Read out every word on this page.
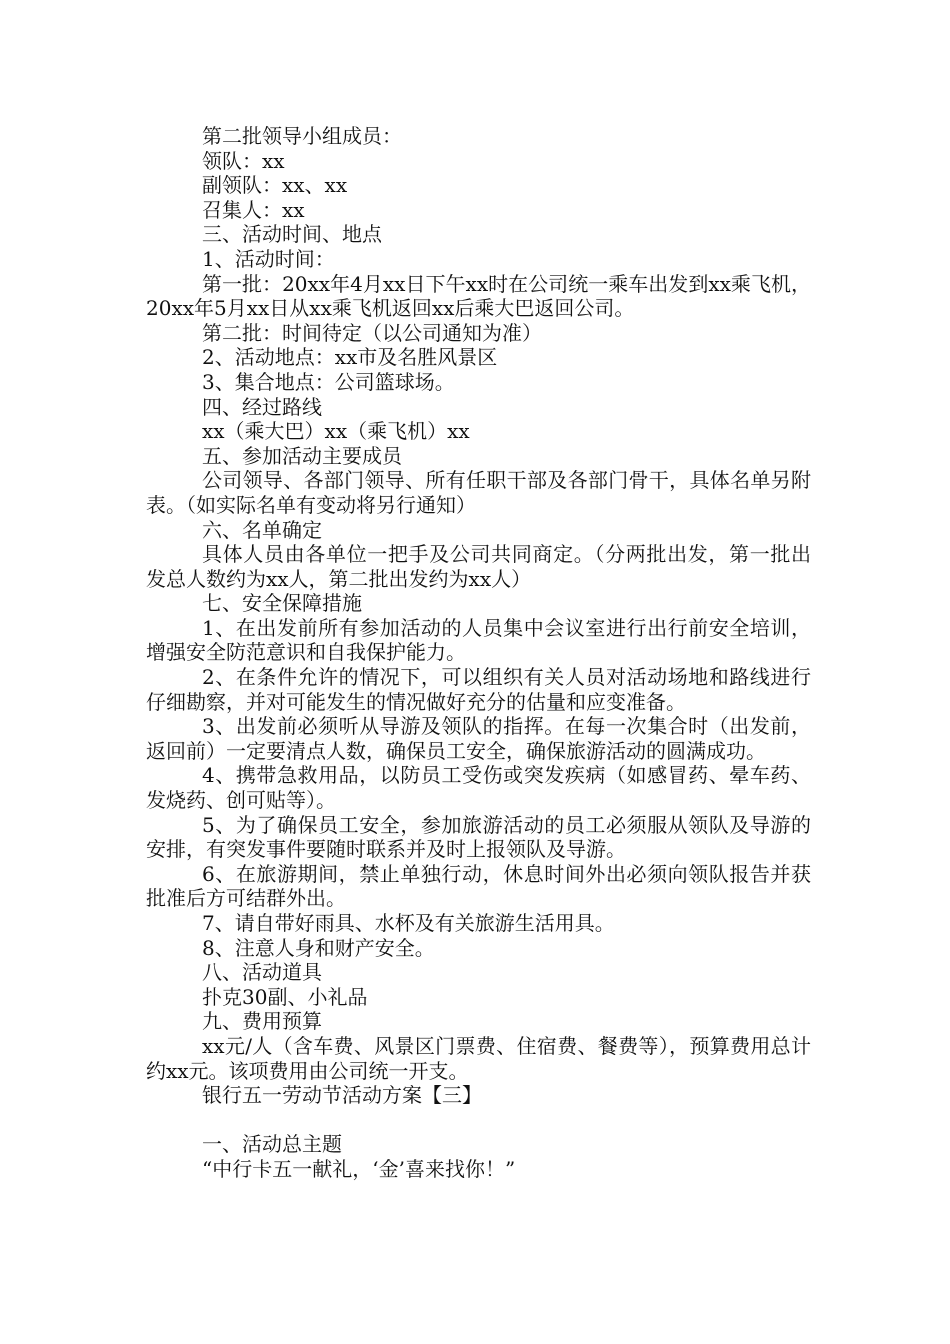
第二批领导小组成员：

领队：xx

副领队：xx、xx

召集人：xx

三、活动时间、地点

1、活动时间：

第一批：20xx年4月xx日下午xx时在公司统一乘车出发到xx乘飞机，20xx年5月xx日从xx乘飞机返回xx后乘大巴返回公司。

第二批：时间待定（以公司通知为准）

2、活动地点：xx市及名胜风景区

3、集合地点：公司篮球场。

四、经过路线

xx（乘大巴）xx（乘飞机）xx

五、参加活动主要成员

公司领导、各部门领导、所有任职干部及各部门骨干，具体名单另附表。（如实际名单有变动将另行通知）

六、名单确定

具体人员由各单位一把手及公司共同商定。（分两批出发，第一批出发总人数约为xx人，第二批出发约为xx人）

七、安全保障措施

1、在出发前所有参加活动的人员集中会议室进行出行前安全培训，增强安全防范意识和自我保护能力。

2、在条件允许的情况下，可以组织有关人员对活动场地和路线进行仔细勘察，并对可能发生的情况做好充分的估量和应变准备。

3、出发前必须听从导游及领队的指挥。在每一次集合时（出发前，返回前）一定要清点人数，确保员工安全，确保旅游活动的圆满成功。

4、携带急救用品，以防员工受伤或突发疾病（如感冒药、晕车药、发烧药、创可贴等）。

5、为了确保员工安全，参加旅游活动的员工必须服从领队及导游的安排，有突发事件要随时联系并及时上报领队及导游。

6、在旅游期间，禁止单独行动，休息时间外出必须向领队报告并获批准后方可结群外出。

7、请自带好雨具、水杯及有关旅游生活用具。

8、注意人身和财产安全。

八、活动道具

扑克30副、小礼品

九、费用预算

xx元/人（含车费、风景区门票费、住宿费、餐费等），预算费用总计约xx元。该项费用由公司统一开支。

银行五一劳动节活动方案【三】

一、活动总主题

“中行卡五一献礼，‘金’喜来找你！”
